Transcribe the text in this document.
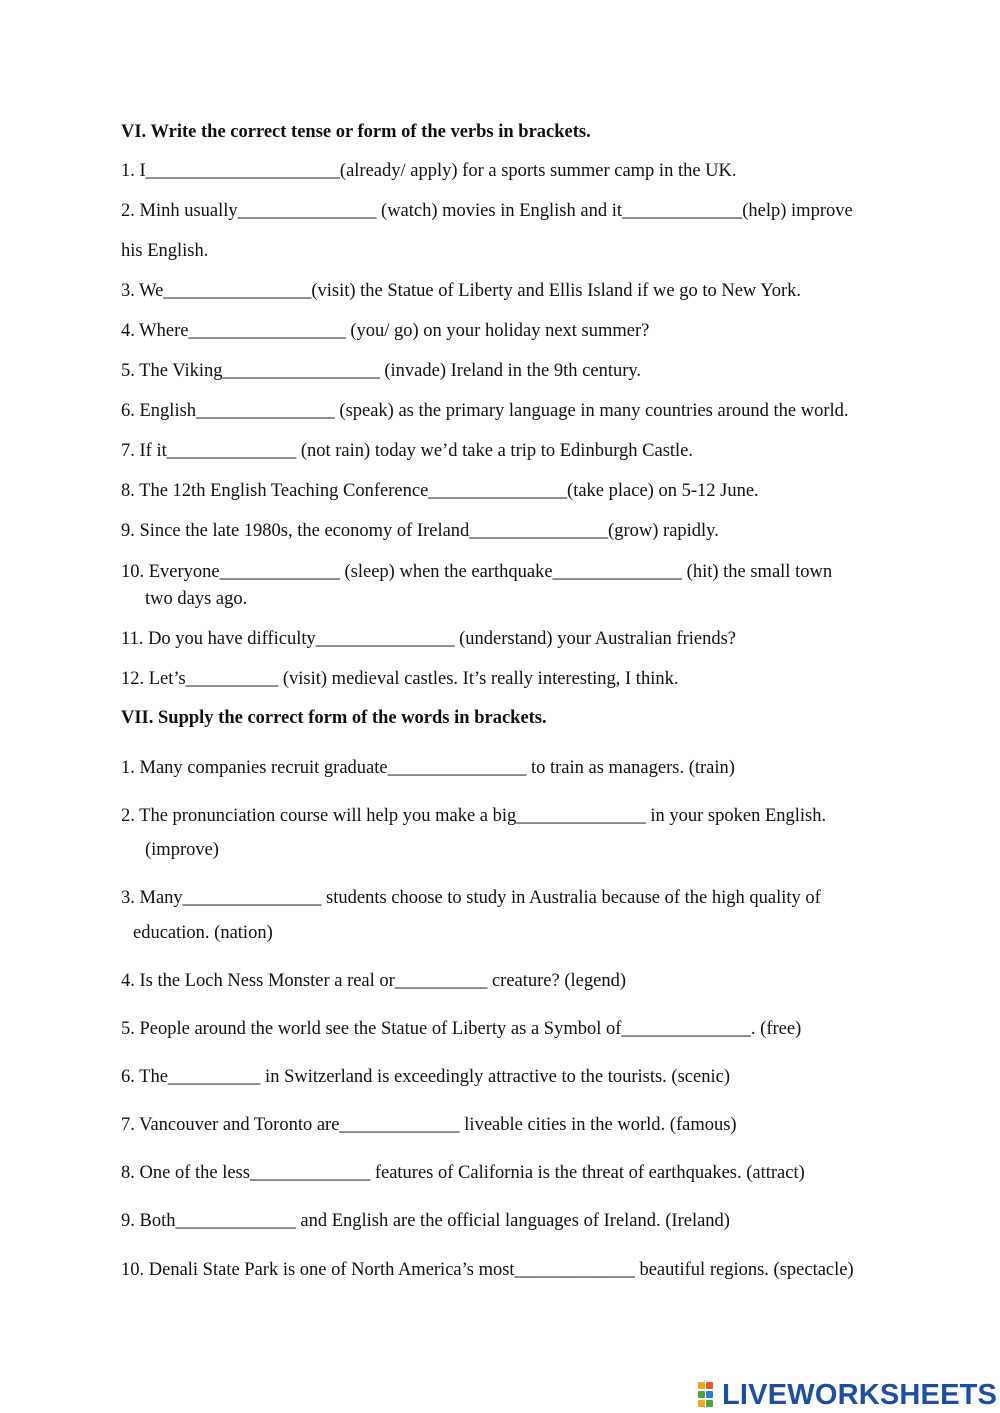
VI. Write the correct tense or form of the verbs in brackets.

1. I_____________________(already/ apply) for a sports summer camp in the UK.

2. Minh usually_______________ (watch) movies in English and it_____________(help) improve

his English.

3. We________________(visit) the Statue of Liberty and Ellis Island if we go to New York.

4. Where_________________ (you/ go) on your holiday next summer?

5. The Viking_________________ (invade) Ireland in the 9th century.

6. English_______________ (speak) as the primary language in many countries around the world.

7. If it______________ (not rain) today we’d take a trip to Edinburgh Castle.

8. The 12th English Teaching Conference_______________(take place) on 5-12 June.

9. Since the late 1980s, the economy of Ireland_______________(grow) rapidly.

10. Everyone_____________ (sleep) when the earthquake______________ (hit) the small town

two days ago.

11. Do you have difficulty_______________ (understand) your Australian friends?

12. Let’s__________ (visit) medieval castles. It’s really interesting, I think.

VII. Supply the correct form of the words in brackets.

1. Many companies recruit graduate_______________ to train as managers. (train)

2. The pronunciation course will help you make a big______________ in your spoken English.

(improve)

3. Many_______________ students choose to study in Australia because of the high quality of

education. (nation)

4. Is the Loch Ness Monster a real or__________ creature? (legend)

5. People around the world see the Statue of Liberty as a Symbol of______________. (free)

6. The__________ in Switzerland is exceedingly attractive to the tourists. (scenic)

7. Vancouver and Toronto are_____________ liveable cities in the world. (famous)

8. One of the less_____________ features of California is the threat of earthquakes. (attract)

9. Both_____________ and English are the official languages of Ireland. (Ireland)

10. Denali State Park is one of North America’s most_____________ beautiful regions. (spectacle)

LIVEWORKSHEETS
